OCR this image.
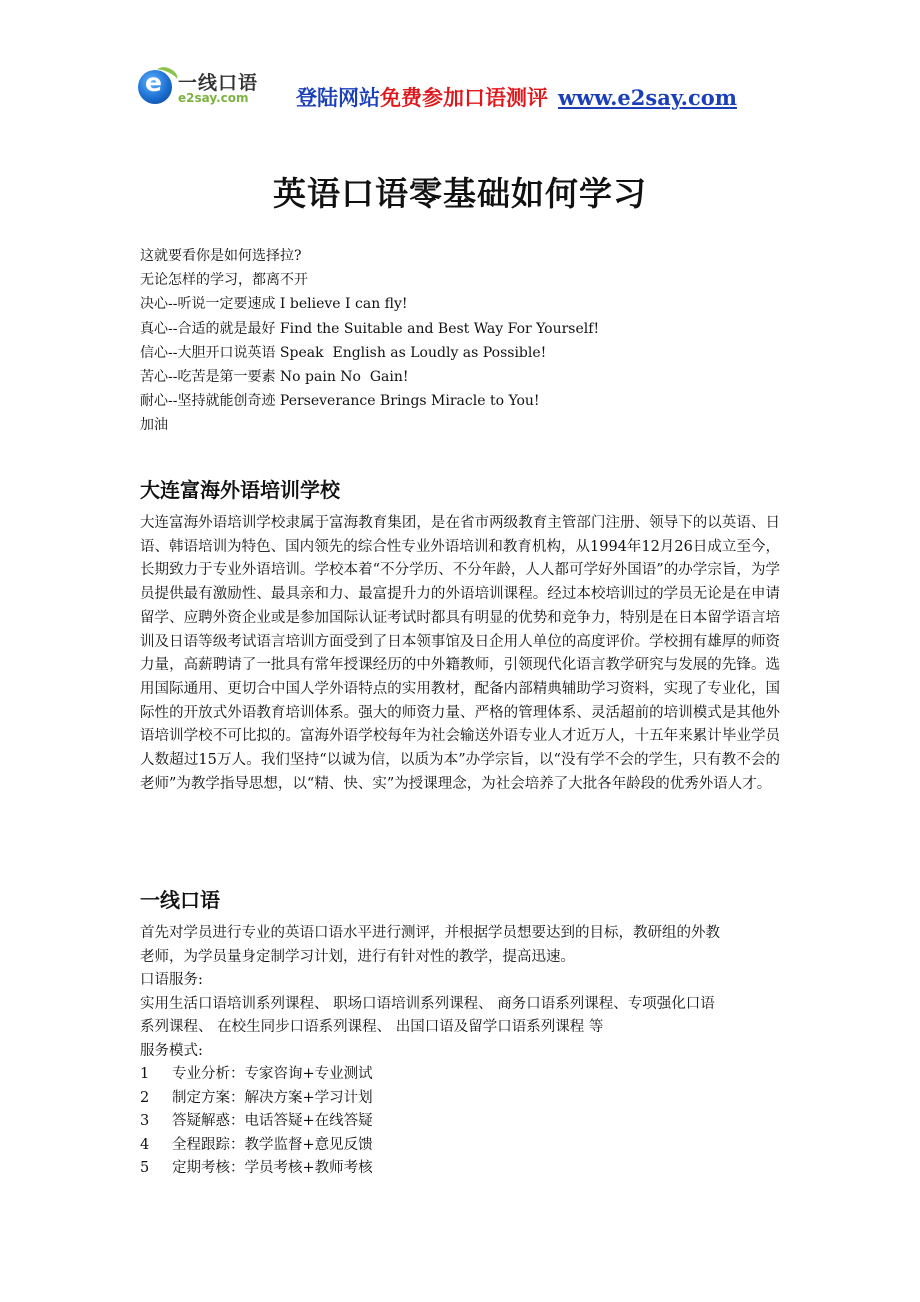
e 一线口语
e2say.com 登陆网站免费参加口语测评 www.e2say.com
英语口语零基础如何学习
这就要看你是如何选择拉?
无论怎样的学习，都离不开
决心--听说一定要速成 I believe I can fly!
真心--合适的就是最好 Find the Suitable and Best Way For Yourself!
信心--大胆开口说英语 Speak  English as Loudly as Possible!
苦心--吃苦是第一要素 No pain No  Gain!
耐心--坚持就能创奇迹 Perseverance Brings Miracle to You!
加油
大连富海外语培训学校
大连富海外语培训学校隶属于富海教育集团，是在省市两级教育主管部门注册、领导下的以英语、日语、韩语培训为特色、国内领先的综合性专业外语培训和教育机构，从1994年12月26日成立至今，长期致力于专业外语培训。学校本着“不分学历、不分年龄，人人都可学好外国语”的办学宗旨，为学员提供最有激励性、最具亲和力、最富提升力的外语培训课程。经过本校培训过的学员无论是在申请留学、应聘外资企业或是参加国际认证考试时都具有明显的优势和竞争力，特别是在日本留学语言培训及日语等级考试语言培训方面受到了日本领事馆及日企用人单位的高度评价。学校拥有雄厚的师资力量，高薪聘请了一批具有常年授课经历的中外籍教师，引领现代化语言教学研究与发展的先锋。选用国际通用、更切合中国人学外语特点的实用教材，配备内部精典辅助学习资料，实现了专业化，国际性的开放式外语教育培训体系。强大的师资力量、严格的管理体系、灵活超前的培训模式是其他外语培训学校不可比拟的。富海外语学校每年为社会输送外语专业人才近万人，十五年来累计毕业学员人数超过15万人。我们坚持“以诚为信，以质为本”办学宗旨，以“没有学不会的学生，只有教不会的老师”为教学指导思想，以“精、快、实”为授课理念，为社会培养了大批各年龄段的优秀外语人才。
一线口语
首先对学员进行专业的英语口语水平进行测评，并根据学员想要达到的目标，教研组的外教
老师，为学员量身定制学习计划，进行有针对性的教学，提高迅速。
口语服务:
实用生活口语培训系列课程、 职场口语培训系列课程、 商务口语系列课程、专项强化口语
系列课程、 在校生同步口语系列课程、 出国口语及留学口语系列课程 等
服务模式:
1 专业分析：专家咨询+专业测试
2 制定方案：解决方案+学习计划
3 答疑解惑：电话答疑+在线答疑
4 全程跟踪：教学监督+意见反馈
5 定期考核：学员考核+教师考核
